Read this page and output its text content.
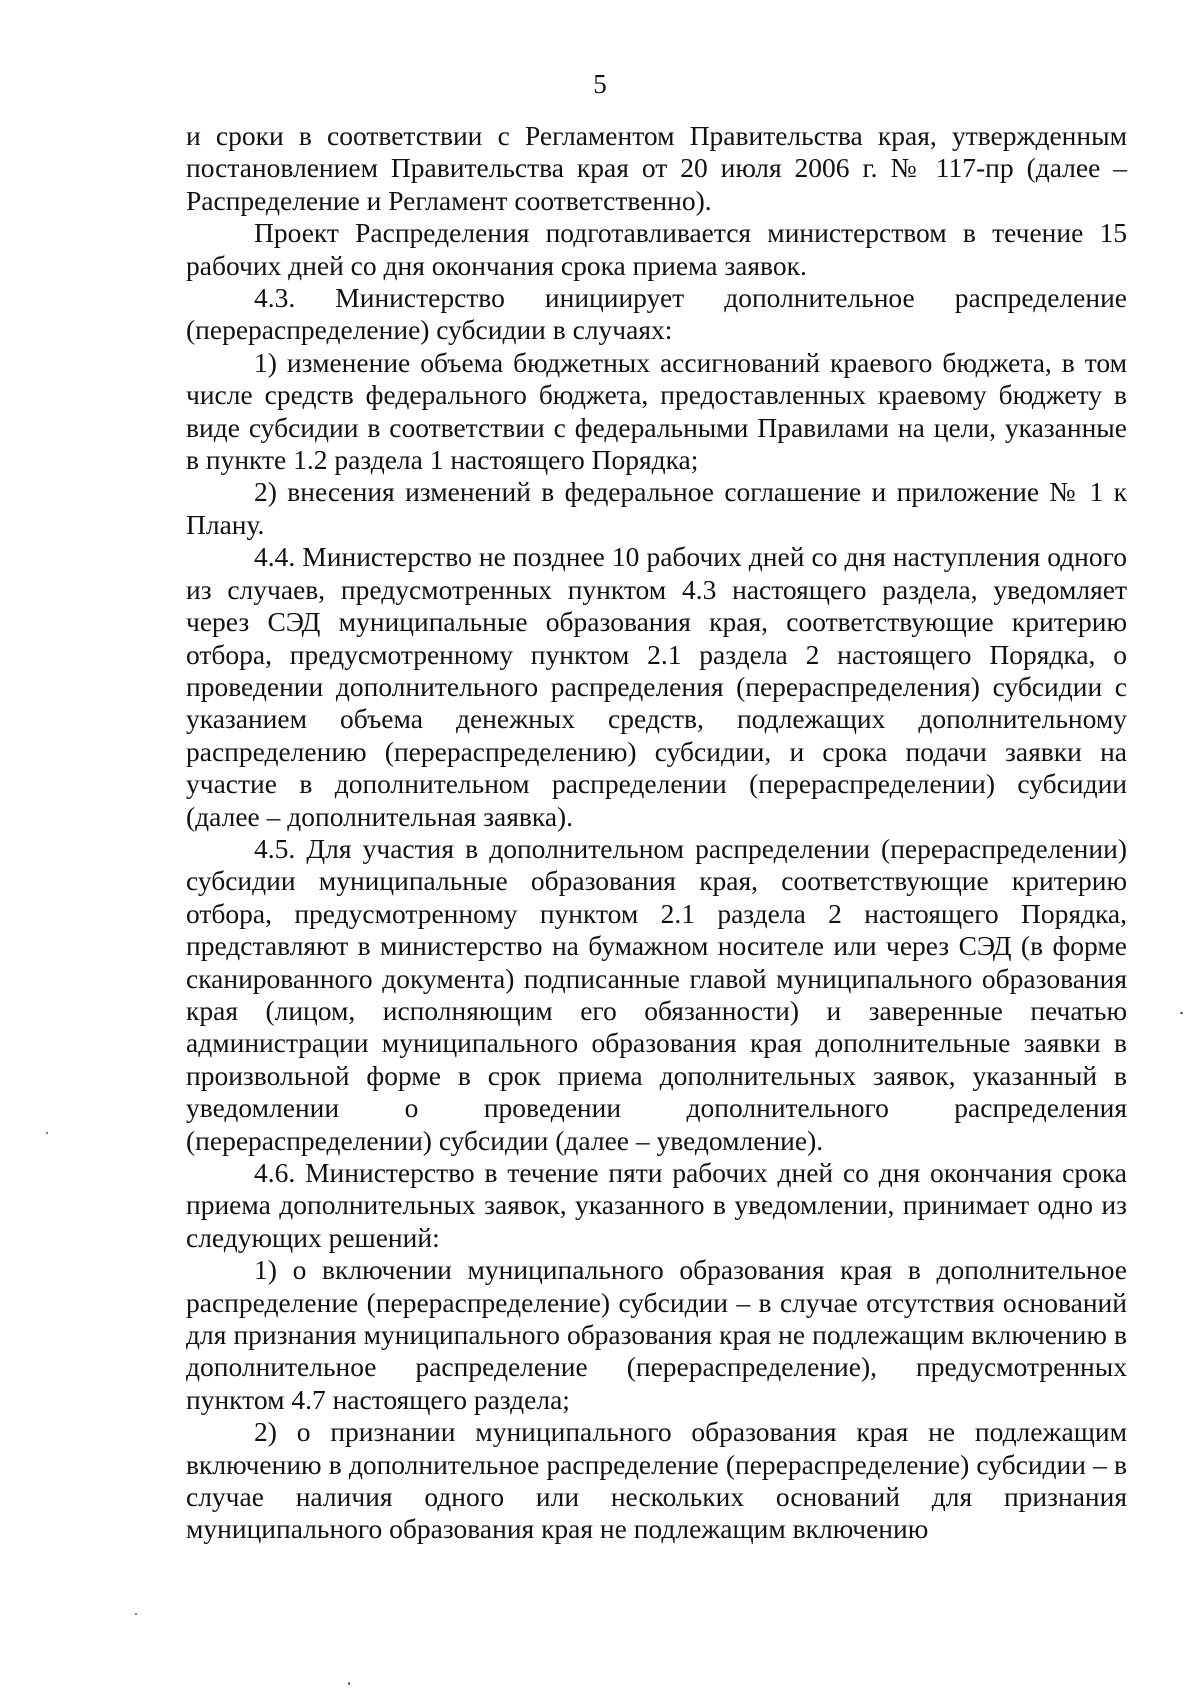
5

и сроки в соответствии с Регламентом Правительства края, утвержденным постановлением Правительства края от 20 июля 2006 г. № 117-пр (далее – Распределение и Регламент соответственно).

Проект Распределения подготавливается министерством в течение 15 рабочих дней со дня окончания срока приема заявок.

4.3. Министерство инициирует дополнительное распределение (перераспределение) субсидии в случаях:

1) изменение объема бюджетных ассигнований краевого бюджета, в том числе средств федерального бюджета, предоставленных краевому бюджету в виде субсидии в соответствии с федеральными Правилами на цели, указанные в пункте 1.2 раздела 1 настоящего Порядка;

2) внесения изменений в федеральное соглашение и приложение № 1 к Плану.

4.4. Министерство не позднее 10 рабочих дней со дня наступления одного из случаев, предусмотренных пунктом 4.3 настоящего раздела, уведомляет через СЭД муниципальные образования края, соответствующие критерию отбора, предусмотренному пунктом 2.1 раздела 2 настоящего Порядка, о проведении дополнительного распределения (перераспределения) субсидии с указанием объема денежных средств, подлежащих дополнительному распределению (перераспределению) субсидии, и срока подачи заявки на участие в дополнительном распределении (перераспределении) субсидии (далее – дополнительная заявка).

4.5. Для участия в дополнительном распределении (перераспределении) субсидии муниципальные образования края, соответствующие критерию отбора, предусмотренному пунктом 2.1 раздела 2 настоящего Порядка, представляют в министерство на бумажном носителе или через СЭД (в форме сканированного документа) подписанные главой муниципального образования края (лицом, исполняющим его обязанности) и заверенные печатью администрации муниципального образования края дополнительные заявки в произвольной форме в срок приема дополнительных заявок, указанный в уведомлении о проведении дополнительного распределения (перераспределении) субсидии (далее – уведомление).

4.6. Министерство в течение пяти рабочих дней со дня окончания срока приема дополнительных заявок, указанного в уведомлении, принимает одно из следующих решений:

1) о включении муниципального образования края в дополнительное распределение (перераспределение) субсидии – в случае отсутствия оснований для признания муниципального образования края не подлежащим включению в дополнительное распределение (перераспределение), предусмотренных пунктом 4.7 настоящего раздела;

2) о признании муниципального образования края не подлежащим включению в дополнительное распределение (перераспределение) субсидии – в случае наличия одного или нескольких оснований для признания муниципального образования края не подлежащим включению
